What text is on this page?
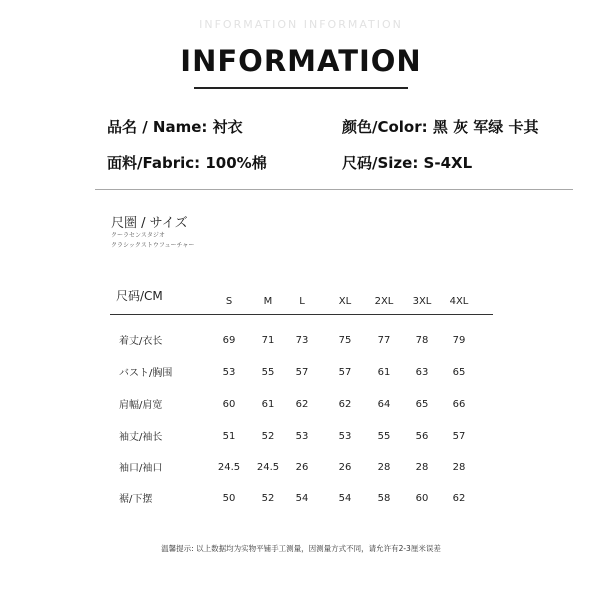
INFORMATION INFORMATION
INFORMATION
品名 / Name: 衬衣	颜色/Color: 黑 灰 军绿 卡其
面料/Fabric: 100%棉	尺码/Size: S-4XL
尺圏 / サイズ
クーラセンスタジオ
クラシックストウフューチャー
尺码/CM	S	M	L	XL	2XL	3XL	4XL
着丈/衣长	69	71	73	75	77	78	79
バスト/胸围	53	55	57	57	61	63	65
肩幅/肩宽	60	61	62	62	64	65	66
袖丈/袖长	51	52	53	53	55	56	57
袖口/袖口	24.5	24.5	26	26	28	28	28
裾/下摆	50	52	54	54	58	60	62
温馨提示: 以上数据均为实物平铺手工测量，因测量方式不同，请允许有2-3厘米误差
